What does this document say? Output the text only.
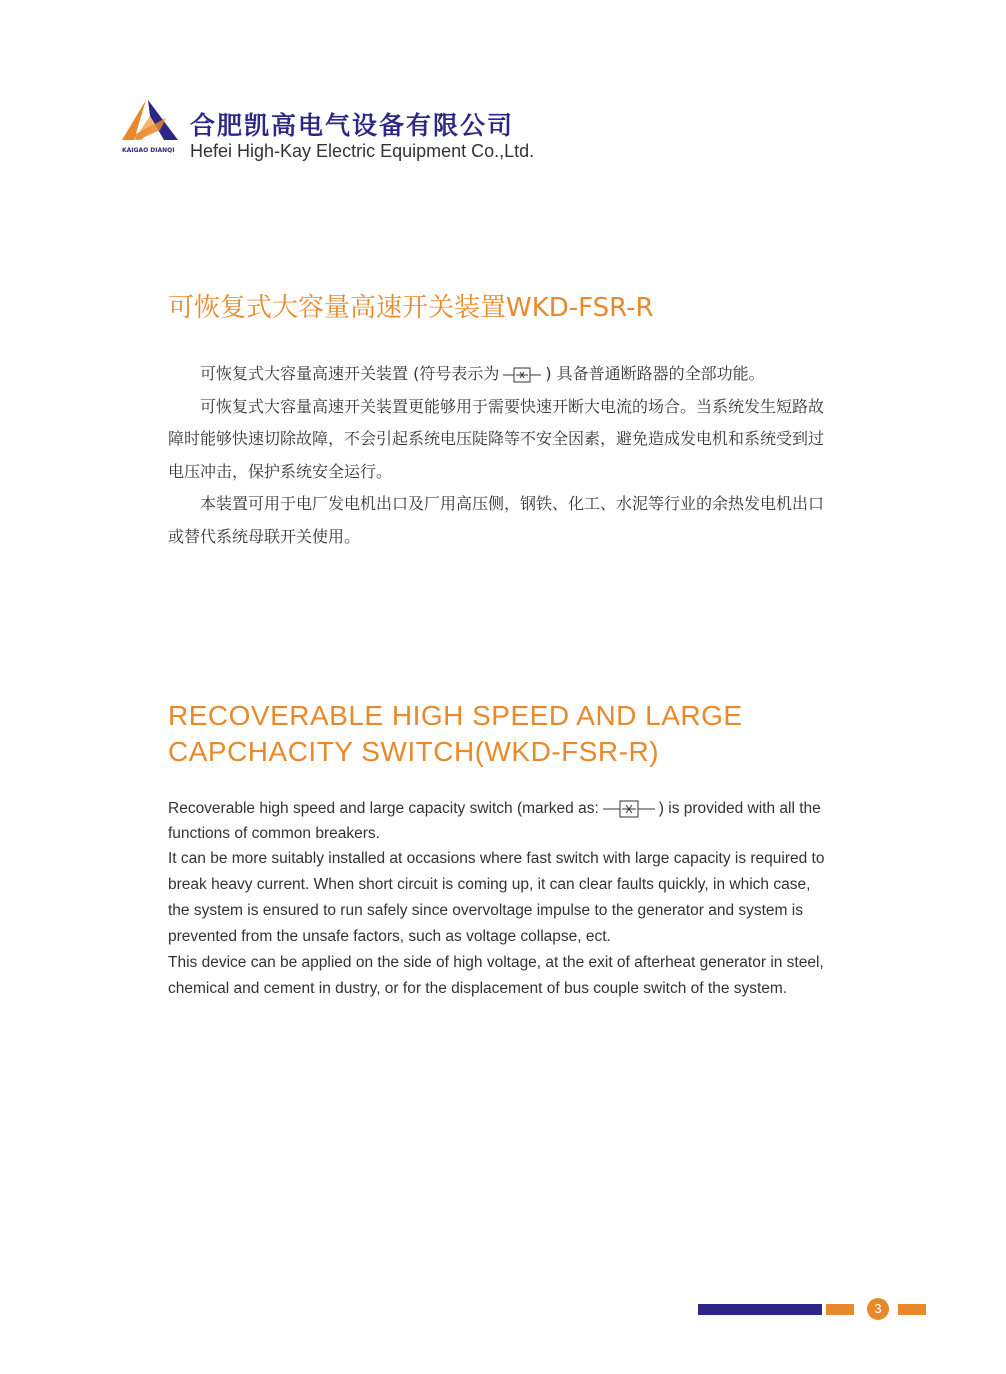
KAIGAO DIANQI
合肥凯高电气设备有限公司
Hefei High-Kay Electric Equipment Co.,Ltd.
可恢复式大容量高速开关装置WKD-FSR-R

可恢复式大容量高速开关装置 (符号表示为	) 具备普通断路器的全部功能。

可恢复式大容量高速开关装置更能够用于需要快速开断大电流的场合。当系统发生短路故障时能够快速切除故障，不会引起系统电压陡降等不安全因素，避免造成发电机和系统受到过电压冲击，保护系统安全运行。

本装置可用于电厂发电机出口及厂用高压侧，钢铁、化工、水泥等行业的余热发电机出口或替代系统母联开关使用。

RECOVERABLE HIGH SPEED AND LARGE
CAPCHACITY SWITCH(WKD-FSR-R)

Recoverable high speed and large capacity switch (marked as:	) is provided with all the functions of common breakers.

It can be more suitably installed at occasions where fast switch with large capacity is required to break heavy current. When short circuit is coming up, it can clear faults quickly, in which case, the system is ensured to run safely since overvoltage impulse to the generator and system is prevented from the unsafe factors, such as voltage collapse, ect.

This device can be applied on the side of high voltage, at the exit of afterheat generator in steel, chemical and cement in dustry, or for the displacement of bus couple switch of the system.

3
